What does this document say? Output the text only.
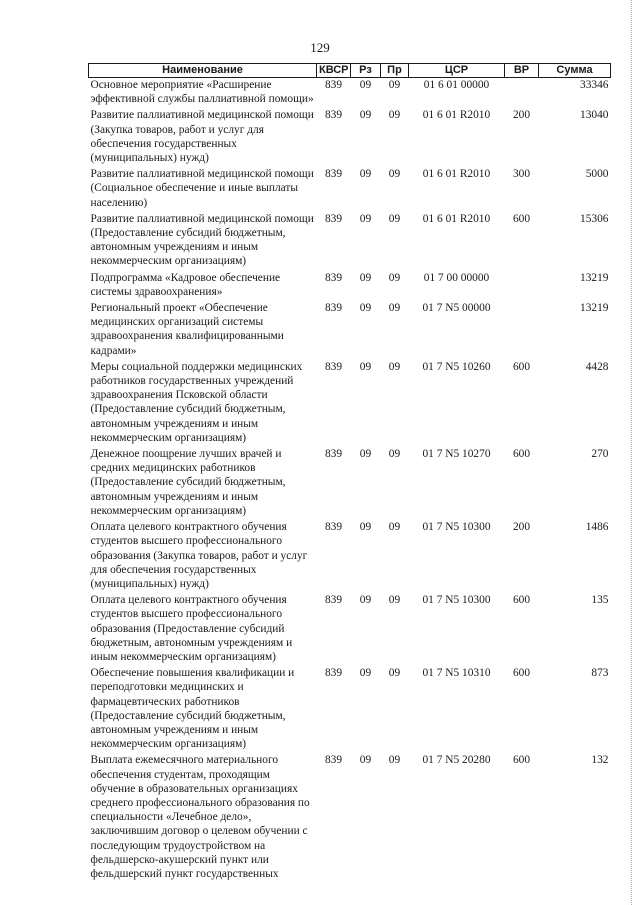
129
Наименование	КВСР	Рз	Пр	ЦСР	ВР	Сумма
Основное мероприятие «Расширение эффективной службы паллиативной помощи»	839	09	09	01 6 01 00000		33346
Развитие паллиативной медицинской помощи (Закупка товаров, работ и услуг для обеспечения государственных (муниципальных) нужд)	839	09	09	01 6 01 R2010	200	13040
Развитие паллиативной медицинской помощи (Социальное обеспечение и иные выплаты населению)	839	09	09	01 6 01 R2010	300	5000
Развитие паллиативной медицинской помощи (Предоставление субсидий бюджетным, автономным учреждениям и иным некоммерческим организациям)	839	09	09	01 6 01 R2010	600	15306
Подпрограмма «Кадровое обеспечение системы здравоохранения»	839	09	09	01 7 00 00000		13219
Региональный проект «Обеспечение медицинских организаций системы здравоохранения квалифицированными кадрами»	839	09	09	01 7 N5 00000		13219
Меры социальной поддержки медицинских работников государственных учреждений здравоохранения Псковской области (Предоставление субсидий бюджетным, автономным учреждениям и иным некоммерческим организациям)	839	09	09	01 7 N5 10260	600	4428
Денежное поощрение лучших врачей и средних медицинских работников (Предоставление субсидий бюджетным, автономным учреждениям и иным некоммерческим организациям)	839	09	09	01 7 N5 10270	600	270
Оплата целевого контрактного обучения студентов высшего профессионального образования (Закупка товаров, работ и услуг для обеспечения государственных (муниципальных) нужд)	839	09	09	01 7 N5 10300	200	1486
Оплата целевого контрактного обучения студентов высшего профессионального образования (Предоставление субсидий бюджетным, автономным учреждениям и иным некоммерческим организациям)	839	09	09	01 7 N5 10300	600	135
Обеспечение повышения квалификации и переподготовки медицинских и фармацевтических работников (Предоставление субсидий бюджетным, автономным учреждениям и иным некоммерческим организациям)	839	09	09	01 7 N5 10310	600	873
Выплата ежемесячного материального обеспечения студентам, проходящим обучение в образовательных организациях среднего профессионального образования по специальности «Лечебное дело», заключившим договор о целевом обучении с последующим трудоустройством на фельдшерско-акушерский пункт или фельдшерский пункт государственных	839	09	09	01 7 N5 20280	600	132
